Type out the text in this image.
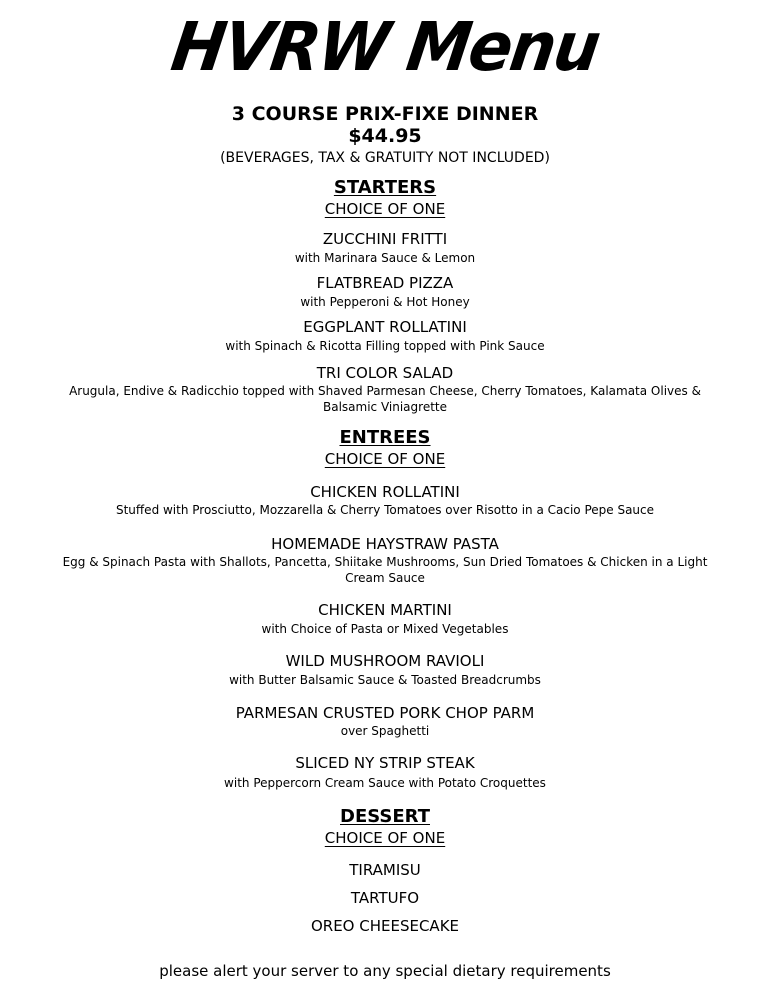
HVRW Menu
3 COURSE PRIX-FIXE DINNER
$44.95
(BEVERAGES, TAX & GRATUITY NOT INCLUDED)
STARTERS
CHOICE OF ONE
ZUCCHINI FRITTI
with Marinara Sauce & Lemon
FLATBREAD PIZZA
with Pepperoni & Hot Honey
EGGPLANT ROLLATINI
with Spinach & Ricotta Filling topped with Pink Sauce
TRI COLOR SALAD
Arugula, Endive & Radicchio topped with Shaved Parmesan Cheese, Cherry Tomatoes, Kalamata Olives & Balsamic Viniagrette
ENTREES
CHOICE OF ONE
CHICKEN ROLLATINI
Stuffed with Prosciutto, Mozzarella & Cherry Tomatoes over Risotto in a Cacio Pepe Sauce
HOMEMADE HAYSTRAW PASTA
Egg & Spinach Pasta with Shallots, Pancetta, Shiitake Mushrooms, Sun Dried Tomatoes & Chicken in a Light Cream Sauce
CHICKEN MARTINI
with Choice of Pasta or Mixed Vegetables
WILD MUSHROOM RAVIOLI
with Butter Balsamic Sauce & Toasted Breadcrumbs
PARMESAN CRUSTED PORK CHOP PARM
over Spaghetti
SLICED NY STRIP STEAK
with Peppercorn Cream Sauce with Potato Croquettes
DESSERT
CHOICE OF ONE
TIRAMISU
TARTUFO
OREO CHEESECAKE
please alert your server to any special dietary requirements
